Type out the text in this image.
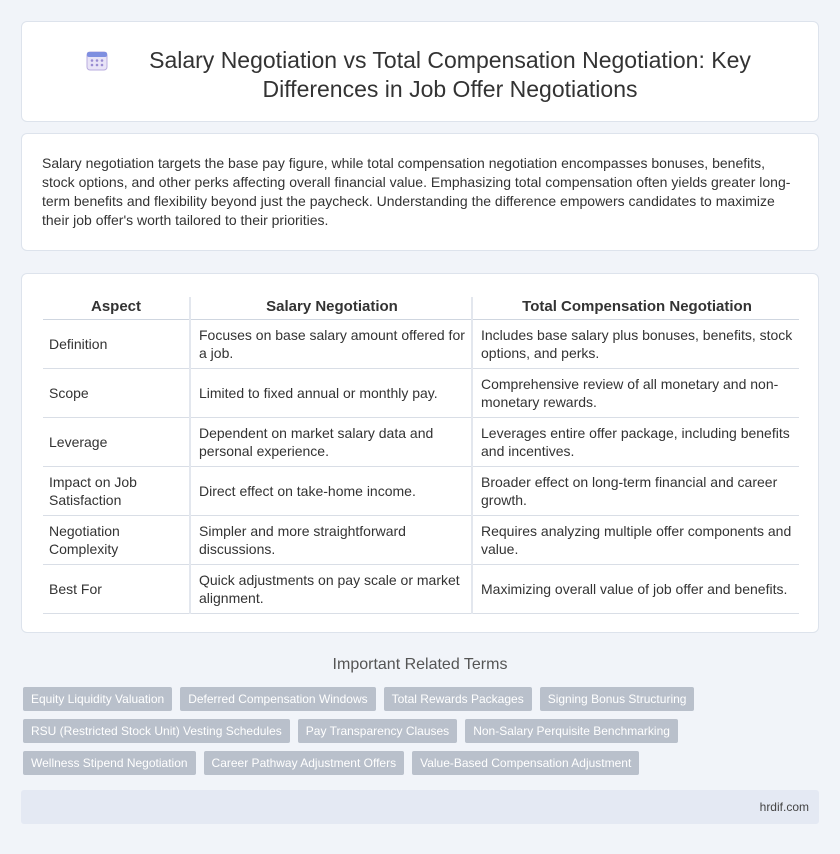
Salary Negotiation vs Total Compensation Negotiation: Key Differences in Job Offer Negotiations

Salary negotiation targets the base pay figure, while total compensation negotiation encompasses bonuses, benefits, stock options, and other perks affecting overall financial value. Emphasizing total compensation often yields greater long-term benefits and flexibility beyond just the paycheck. Understanding the difference empowers candidates to maximize their job offer's worth tailored to their priorities.

Aspect	Salary Negotiation	Total Compensation Negotiation
Definition	Focuses on base salary amount offered for a job.	Includes base salary plus bonuses, benefits, stock options, and perks.
Scope	Limited to fixed annual or monthly pay.	Comprehensive review of all monetary and non-monetary rewards.
Leverage	Dependent on market salary data and personal experience.	Leverages entire offer package, including benefits and incentives.
Impact on Job Satisfaction	Direct effect on take-home income.	Broader effect on long-term financial and career growth.
Negotiation Complexity	Simpler and more straightforward discussions.	Requires analyzing multiple offer components and value.
Best For	Quick adjustments on pay scale or market alignment.	Maximizing overall value of job offer and benefits.
Important Related Terms
Equity Liquidity Valuation	Deferred Compensation Windows	Total Rewards Packages	Signing Bonus Structuring
RSU (Restricted Stock Unit) Vesting Schedules	Pay Transparency Clauses	Non-Salary Perquisite Benchmarking
Wellness Stipend Negotiation	Career Pathway Adjustment Offers	Value-Based Compensation Adjustment
hrdif.com
